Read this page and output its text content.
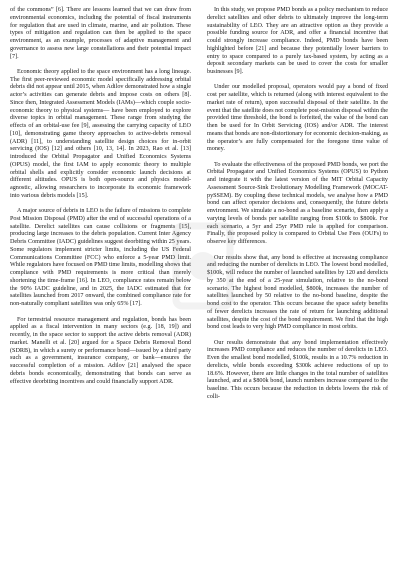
of the commons” [6]. There are lessons learned that we can draw from environmental economics, including the potential of fiscal instruments for regulation that are used in climate, marine, and air pollution. These types of mitigation and regulation can then be applied to the space environment, as an example, processes of adaptive management and governance to assess new large constellations and their potential impact [7].

Economic theory applied to the space environment has a long lineage. The first peer-reviewed economic model specifically addressing orbital debris did not appear until 2015, when Adilov demonstrated how a single actor’s activities can generate debris and impose costs on others [8]. Since then, Integrated Assessment Models (IAMs)—which couple socio-economic theory to physical systems— have been employed to explore diverse topics in orbital management. These range from studying the effects of an orbital-use fee [9], assessing the carrying capacity of LEO [10], demonstrating game theory approaches to active-debris removal (ADR) [11], to understanding satellite design choices for in-orbit servicing (IOS) [12] and others [10, 13, 14]. In 2023, Rao et al. [13] introduced the Orbital Propagator and Unified Economics Systems (OPUS) model, the first IAM to apply economic theory to multiple orbital shells and explicitly consider economic launch decisions at different altitudes. OPUS is both open-source and physics model-agnostic, allowing researchers to incorporate its economic framework into various debris models [15].

A major source of debris in LEO is the failure of missions to complete Post Mission Disposal (PMD) after the end of successful operations of a satellite. Derelict satellites can cause collisions or fragments [15], producing large increases to the debris population. Current Inter Agency Debris Committee (IADC) guidelines suggest deorbiting within 25 years. Some regulators implement stricter limits, including the US Federal Communications Committee (FCC) who enforce a 5-year PMD limit. While regulators have focused on PMD time limits, modelling shows that compliance with PMD requirements is more critical than merely shortening the time-frame [16]. In LEO, compliance rates remain below the 90% IADC guideline, and in 2025, the IADC estimated that for satellites launched from 2017 onward, the combined compliance rate for non-naturally compliant satellites was only 65% [17].

For terrestrial resource management and regulation, bonds has been applied as a fiscal intervention in many sectors (e.g. [18, 19]) and recently, in the space sector to support the active debris removal (ADR) market. Manelli et al. [20] argued for a Space Debris Removal Bond (SDRB), in which a surety or performance bond—issued by a third party such as a government, insurance company, or bank—ensures the successful completion of a mission. Adilov [21] analysed the space debris bonds economically, demonstrating that bonds can serve as effective deorbiting incentives and could financially support ADR.

In this study, we propose PMD bonds as a policy mechanism to reduce derelict satellites and other debris to ultimately improve the long-term sustainability of LEO. They are an attractive option as they provide a possible funding source for ADR, and offer a financial incentive that could strongly increase compliance. Indeed, PMD bonds have been highlighted before [21] and because they potentially lower barriers to entry to space compared to a purely tax-based system, by acting as a deposit secondary markets can be used to cover the costs for smaller businesses [9].

Under our modelled proposal, operators would pay a bond of fixed cost per satellite, which is returned (along with interest equivalent to the market rate of return), upon successful disposal of their satellite. In the event that the satellite does not complete post-mission disposal within the provided time threshold, the bond is forfeited, the value of the bond can then be used for In Orbit Servicing (IOS) and/or ADR. The interest means that bonds are non-distortionary for economic decision-making, as the operator’s are fully compensated for the foregone time value of money.

To evaluate the effectiveness of the proposed PMD bonds, we port the Orbital Propagator and Unified Economics Systems (OPUS) to Python and integrate it with the latest version of the MIT Orbital Capacity Assessment Source-Sink Evolutionary Modelling Framework (MOCAT-pySSEM). By coupling these technical models, we analyse how a PMD bond can affect operator decisions and, consequently, the future debris environment. We simulate a no-bond as a baseline scenario, then apply a varying levels of bonds per satellite ranging from $100k to $800k. For each scenario, a 5yr and 25yr PMD rule is applied for comparison. Finally, the proposed policy is compared to Orbital Use Fees (OUFs) to observe key differences.

Our results show that, any bond is effective at increasing compliance and reducing the number of derelicts in LEO. The lowest bond modelled, $100k, will reduce the number of launched satellites by 120 and derelicts by 350 at the end of a 25-year simulation, relative to the no-bond scenario. The highest bond modelled, $800k, increases the number of satellites launched by 50 relative to the no-bond baseline, despite the bond cost to the operator. This occurs because the space safety benefits of fewer derelicts increases the rate of return for launching additional satellites, despite the cost of the bond requirement. We find that the high bond cost leads to very high PMD compliance in most orbits.

Our results demonstrate that any bond implementation effectively increases PMD compliance and reduces the number of derelicts in LEO. Even the smallest bond modelled, $100k, results in a 10.7% reduction in derelicts, while bonds exceeding $300k achieve reductions of up to 18.6%. However, there are little changes in the total number of satellites launched, and at a $800k bond, launch numbers increase compared to the baseline. This occurs because the reduction in debris lowers the risk of colli-
